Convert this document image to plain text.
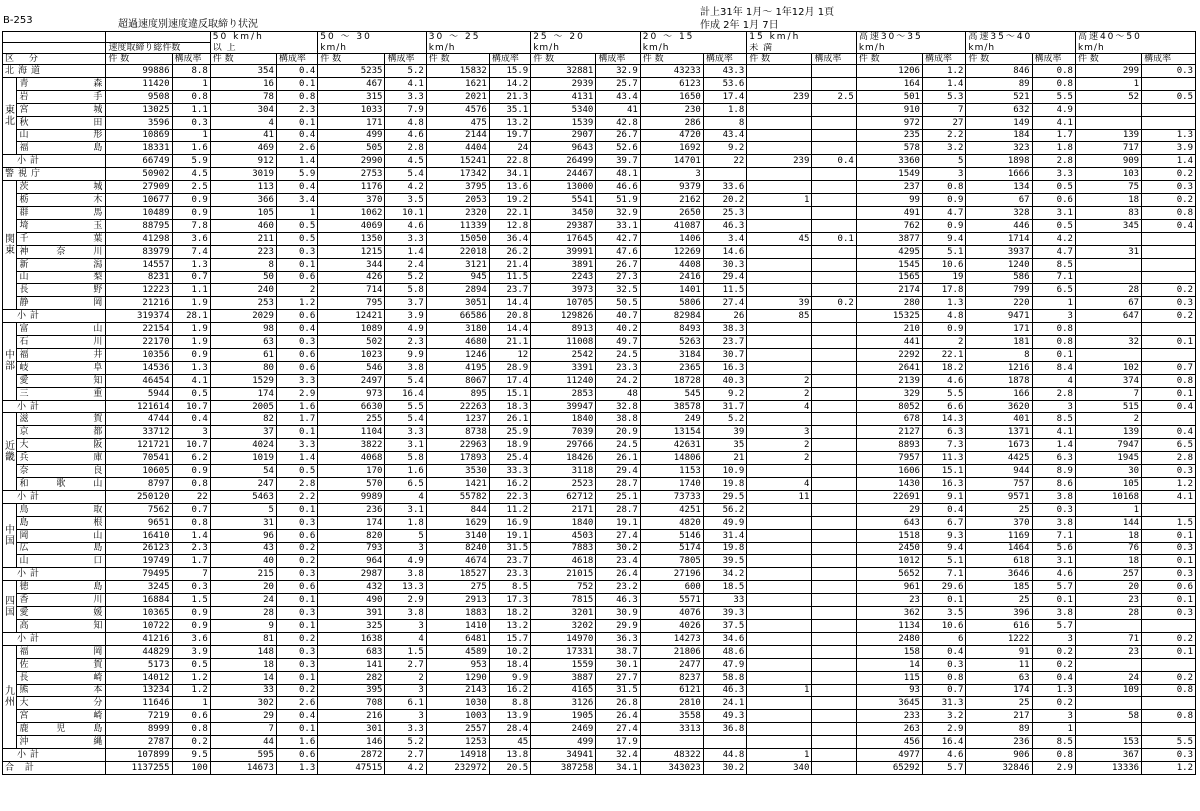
B-253	超過速度別速度違反取締り状況
計上31年 1月～ 1年12月 1頁
作成 2年 1月 7日
				50 km/h		50 ～ 30		30 ～ 25		25 ～ 20		20 ～ 15		15 km/h		高速30～35		高速35～40		高速40～50	
		速度取締り総件数		以 上		km/h		km/h		km/h		km/h		未 満		km/h		km/h		km/h	
区 分		件 数	構成率	件 数	構成率	件 数	構成率	件 数	構成率	件 数	構成率	件 数	構成率	件 数	構成率	件 数	構成率	件 数	構成率	件 数	構成率
北海道		99886	8.8	354	0.4	5235	5.2	15832	15.9	32881	32.9	43233	43.3			1206	1.2	846	0.8	299	0.3
東北	青森	11420	1	16	0.1	467	4.1	1621	14.2	2939	25.7	6123	53.6			164	1.4	89	0.8	1	
	岩手	9508	0.8	78	0.8	315	3.3	2021	21.3	4131	43.4	1650	17.4	239	2.5	501	5.3	521	5.5	52	0.5
	宮城	13025	1.1	304	2.3	1033	7.9	4576	35.1	5340	41	230	1.8			910	7	632	4.9		
	秋田	3596	0.3	4	0.1	171	4.8	475	13.2	1539	42.8	286	8			972	27	149	4.1		
	山形	10869	1	41	0.4	499	4.6	2144	19.7	2907	26.7	4720	43.4			235	2.2	184	1.7	139	1.3
	福島	18331	1.6	469	2.6	505	2.8	4404	24	9643	52.6	1692	9.2			578	3.2	323	1.8	717	3.9
小計		66749	5.9	912	1.4	2990	4.5	15241	22.8	26499	39.7	14701	22	239	0.4	3360	5	1898	2.8	909	1.4
警視庁		50902	4.5	3019	5.9	2753	5.4	17342	34.1	24467	48.1	3				1549	3	1666	3.3	103	0.2
関東	茨城	27909	2.5	113	0.4	1176	4.2	3795	13.6	13000	46.6	9379	33.6			237	0.8	134	0.5	75	0.3
	栃木	10677	0.9	366	3.4	370	3.5	2053	19.2	5541	51.9	2162	20.2	1		99	0.9	67	0.6	18	0.2
	群馬	10489	0.9	105	1	1062	10.1	2320	22.1	3450	32.9	2650	25.3			491	4.7	328	3.1	83	0.8
	埼玉	88795	7.8	460	0.5	4069	4.6	11339	12.8	29387	33.1	41087	46.3			762	0.9	446	0.5	345	0.4
	千葉	41298	3.6	211	0.5	1350	3.3	15050	36.4	17645	42.7	1406	3.4	45	0.1	3877	9.4	1714	4.2		
	神奈川	83979	7.4	223	0.3	1215	1.4	22018	26.2	39991	47.6	12269	14.6			4295	5.1	3937	4.7	31	
	新潟	14557	1.3	8	0.1	344	2.4	3121	21.4	3891	26.7	4408	30.3			1545	10.6	1240	8.5		
	山梨	8231	0.7	50	0.6	426	5.2	945	11.5	2243	27.3	2416	29.4			1565	19	586	7.1		
	長野	12223	1.1	240	2	714	5.8	2894	23.7	3973	32.5	1401	11.5			2174	17.8	799	6.5	28	0.2
	静岡	21216	1.9	253	1.2	795	3.7	3051	14.4	10705	50.5	5806	27.4	39	0.2	280	1.3	220	1	67	0.3
小計		319374	28.1	2029	0.6	12421	3.9	66586	20.8	129826	40.7	82984	26	85		15325	4.8	9471	3	647	0.2
中部	富山	22154	1.9	98	0.4	1089	4.9	3180	14.4	8913	40.2	8493	38.3			210	0.9	171	0.8		
	石川	22170	1.9	63	0.3	502	2.3	4680	21.1	11008	49.7	5263	23.7			441	2	181	0.8	32	0.1
	福井	10356	0.9	61	0.6	1023	9.9	1246	12	2542	24.5	3184	30.7			2292	22.1	8	0.1		
	岐阜	14536	1.3	80	0.6	546	3.8	4195	28.9	3391	23.3	2365	16.3			2641	18.2	1216	8.4	102	0.7
	愛知	46454	4.1	1529	3.3	2497	5.4	8067	17.4	11240	24.2	18728	40.3	2		2139	4.6	1878	4	374	0.8
	三重	5944	0.5	174	2.9	973	16.4	895	15.1	2853	48	545	9.2	2		329	5.5	166	2.8	7	0.1
小計		121614	10.7	2005	1.6	6630	5.5	22263	18.3	39947	32.8	38578	31.7	4		8052	6.6	3620	3	515	0.4
近畿	滋賀	4744	0.4	82	1.7	255	5.4	1237	26.1	1840	38.8	249	5.2			678	14.3	401	8.5	2	
	京都	33712	3	37	0.1	1104	3.3	8738	25.9	7039	20.9	13154	39	3		2127	6.3	1371	4.1	139	0.4
	大阪	121721	10.7	4024	3.3	3822	3.1	22963	18.9	29766	24.5	42631	35	2		8893	7.3	1673	1.4	7947	6.5
	兵庫	70541	6.2	1019	1.4	4068	5.8	17893	25.4	18426	26.1	14806	21	2		7957	11.3	4425	6.3	1945	2.8
	奈良	10605	0.9	54	0.5	170	1.6	3530	33.3	3118	29.4	1153	10.9			1606	15.1	944	8.9	30	0.3
	和歌山	8797	0.8	247	2.8	570	6.5	1421	16.2	2523	28.7	1740	19.8	4		1430	16.3	757	8.6	105	1.2
小計		250120	22	5463	2.2	9989	4	55782	22.3	62712	25.1	73733	29.5	11		22691	9.1	9571	3.8	10168	4.1
中国	鳥取	7562	0.7	5	0.1	236	3.1	844	11.2	2171	28.7	4251	56.2			29	0.4	25	0.3	1	
	島根	9651	0.8	31	0.3	174	1.8	1629	16.9	1840	19.1	4820	49.9			643	6.7	370	3.8	144	1.5
	岡山	16410	1.4	96	0.6	820	5	3140	19.1	4503	27.4	5146	31.4			1518	9.3	1169	7.1	18	0.1
	広島	26123	2.3	43	0.2	793	3	8240	31.5	7883	30.2	5174	19.8			2450	9.4	1464	5.6	76	0.3
	山口	19749	1.7	40	0.2	964	4.9	4674	23.7	4618	23.4	7805	39.5			1012	5.1	618	3.1	18	0.1
小計		79495	7	215	0.3	2987	3.8	18527	23.3	21015	26.4	27196	34.2			5652	7.1	3646	4.6	257	0.3
四国	徳島	3245	0.3	20	0.6	432	13.3	275	8.5	752	23.2	600	18.5			961	29.6	185	5.7	20	0.6
	香川	16884	1.5	24	0.1	490	2.9	2913	17.3	7815	46.3	5571	33			23	0.1	25	0.1	23	0.1
	愛媛	10365	0.9	28	0.3	391	3.8	1883	18.2	3201	30.9	4076	39.3			362	3.5	396	3.8	28	0.3
	高知	10722	0.9	9	0.1	325	3	1410	13.2	3202	29.9	4026	37.5			1134	10.6	616	5.7		
小計		41216	3.6	81	0.2	1638	4	6481	15.7	14970	36.3	14273	34.6			2480	6	1222	3	71	0.2
九州	福岡	44829	3.9	148	0.3	683	1.5	4589	10.2	17331	38.7	21806	48.6			158	0.4	91	0.2	23	0.1
	佐賀	5173	0.5	18	0.3	141	2.7	953	18.4	1559	30.1	2477	47.9			14	0.3	11	0.2		
	長崎	14012	1.2	14	0.1	282	2	1290	9.9	3887	27.7	8237	58.8			115	0.8	63	0.4	24	0.2
	熊本	13234	1.2	33	0.2	395	3	2143	16.2	4165	31.5	6121	46.3	1		93	0.7	174	1.3	109	0.8
	大分	11646	1	302	2.6	708	6.1	1030	8.8	3126	26.8	2810	24.1			3645	31.3	25	0.2		
	宮崎	7219	0.6	29	0.4	216	3	1003	13.9	1905	26.4	3558	49.3			233	3.2	217	3	58	0.8
	鹿児島	8999	0.8	7	0.1	301	3.3	2557	28.4	2469	27.4	3313	36.8			263	2.9	89	1		
	沖縄	2787	0.2	44	1.6	146	5.2	1253	45	499	17.9					456	16.4	236	8.5	153	5.5
小計		107899	9.5	595	0.6	2872	2.7	14918	13.8	34941	32.4	48322	44.8	1		4977	4.6	906	0.8	367	0.3
合 計		1137255	100	14673	1.3	47515	4.2	232972	20.5	387258	34.1	343023	30.2	340		65292	5.7	32846	2.9	13336	1.2
